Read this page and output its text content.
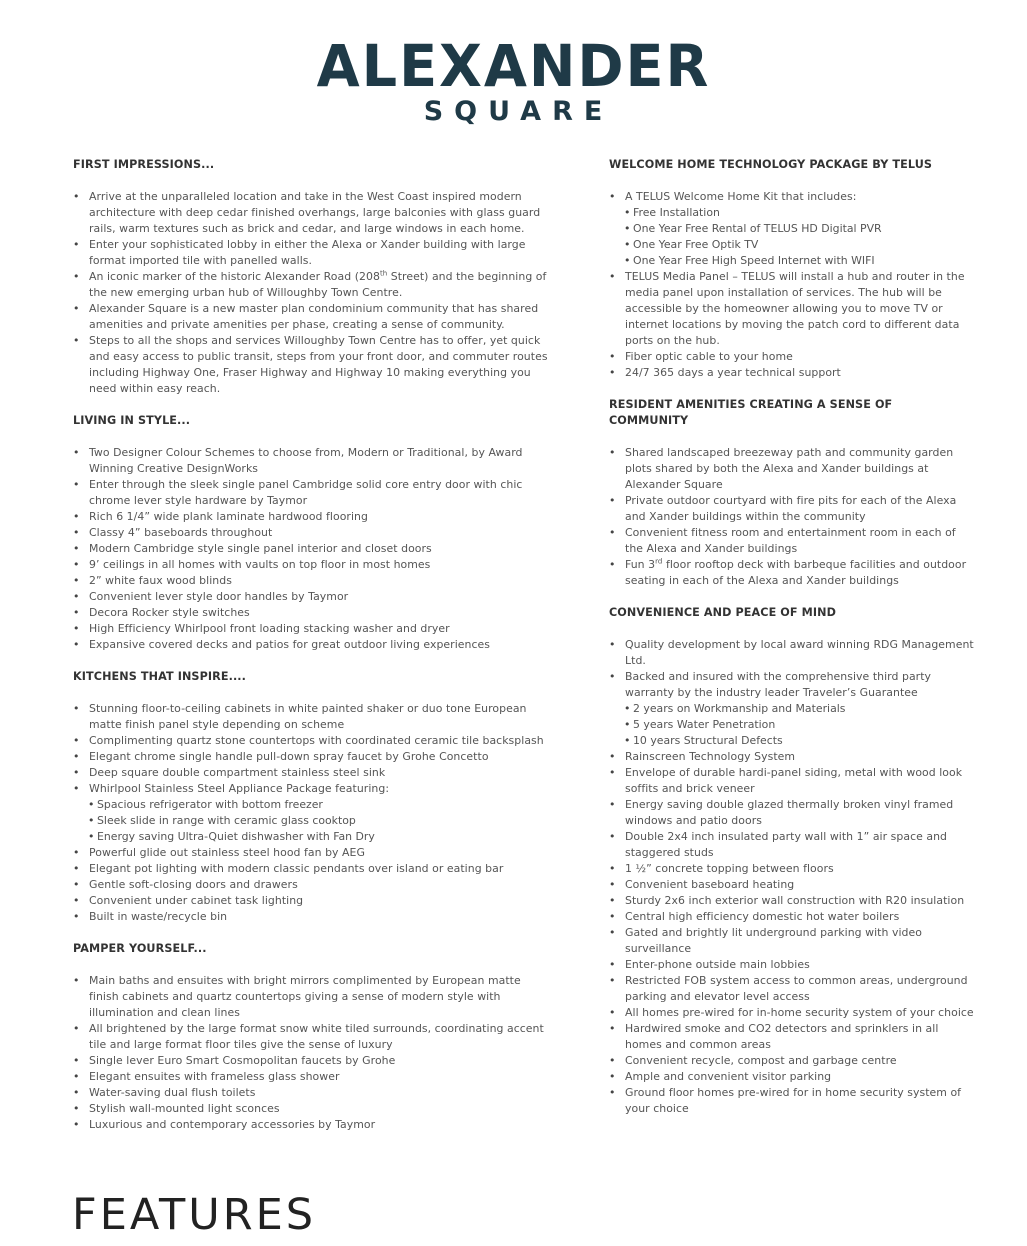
ALEXANDER
SQUARE
FIRST IMPRESSIONS...
• Arrive at the unparalleled location and take in the West Coast inspired modern architecture with deep cedar finished overhangs, large balconies with glass guard rails, warm textures such as brick and cedar, and large windows in each home.
• Enter your sophisticated lobby in either the Alexa or Xander building with large format imported tile with panelled walls.
• An iconic marker of the historic Alexander Road (208th Street) and the beginning of the new emerging urban hub of Willoughby Town Centre.
• Alexander Square is a new master plan condominium community that has shared amenities and private amenities per phase, creating a sense of community.
• Steps to all the shops and services Willoughby Town Centre has to offer, yet quick and easy access to public transit, steps from your front door, and commuter routes including Highway One, Fraser Highway and Highway 10 making everything you need within easy reach.
LIVING IN STYLE...
• Two Designer Colour Schemes to choose from, Modern or Traditional, by Award Winning Creative DesignWorks
• Enter through the sleek single panel Cambridge solid core entry door with chic chrome lever style hardware by Taymor
• Rich 6 1/4” wide plank laminate hardwood flooring
• Classy 4” baseboards throughout
• Modern Cambridge style single panel interior and closet doors
• 9’ ceilings in all homes with vaults on top floor in most homes
• 2” white faux wood blinds
• Convenient lever style door handles by Taymor
• Decora Rocker style switches
• High Efficiency Whirlpool front loading stacking washer and dryer
• Expansive covered decks and patios for great outdoor living experiences
KITCHENS THAT INSPIRE....
• Stunning floor-to-ceiling cabinets in white painted shaker or duo tone European matte finish panel style depending on scheme
• Complimenting quartz stone countertops with coordinated ceramic tile backsplash
• Elegant chrome single handle pull-down spray faucet by Grohe Concetto
• Deep square double compartment stainless steel sink
• Whirlpool Stainless Steel Appliance Package featuring:
• Spacious refrigerator with bottom freezer
• Sleek slide in range with ceramic glass cooktop
• Energy saving Ultra-Quiet dishwasher with Fan Dry
• Powerful glide out stainless steel hood fan by AEG
• Elegant pot lighting with modern classic pendants over island or eating bar
• Gentle soft-closing doors and drawers
• Convenient under cabinet task lighting
• Built in waste/recycle bin
PAMPER YOURSELF...
• Main baths and ensuites with bright mirrors complimented by European matte finish cabinets and quartz countertops giving a sense of modern style with illumination and clean lines
• All brightened by the large format snow white tiled surrounds, coordinating accent tile and large format floor tiles give the sense of luxury
• Single lever Euro Smart Cosmopolitan faucets by Grohe
• Elegant ensuites with frameless glass shower
• Water-saving dual flush toilets
• Stylish wall-mounted light sconces
• Luxurious and contemporary accessories by Taymor
WELCOME HOME TECHNOLOGY PACKAGE BY TELUS
• A TELUS Welcome Home Kit that includes:
• Free Installation
• One Year Free Rental of TELUS HD Digital PVR
• One Year Free Optik TV
• One Year Free High Speed Internet with WIFI
• TELUS Media Panel – TELUS will install a hub and router in the media panel upon installation of services. The hub will be accessible by the homeowner allowing you to move TV or internet locations by moving the patch cord to different data ports on the hub.
• Fiber optic cable to your home
• 24/7 365 days a year technical support
RESIDENT AMENITIES CREATING A SENSE OF COMMUNITY
• Shared landscaped breezeway path and community garden plots shared by both the Alexa and Xander buildings at Alexander Square
• Private outdoor courtyard with fire pits for each of the Alexa and Xander buildings within the community
• Convenient fitness room and entertainment room in each of the Alexa and Xander buildings
• Fun 3rd floor rooftop deck with barbeque facilities and outdoor seating in each of the Alexa and Xander buildings
CONVENIENCE AND PEACE OF MIND
• Quality development by local award winning RDG Management Ltd.
• Backed and insured with the comprehensive third party warranty by the industry leader Traveler’s Guarantee
• 2 years on Workmanship and Materials
• 5 years Water Penetration
• 10 years Structural Defects
• Rainscreen Technology System
• Envelope of durable hardi-panel siding, metal with wood look soffits and brick veneer
• Energy saving double glazed thermally broken vinyl framed windows and patio doors
• Double 2x4 inch insulated party wall with 1” air space and staggered studs
• 1 ½” concrete topping between floors
• Convenient baseboard heating
• Sturdy 2x6 inch exterior wall construction with R20 insulation
• Central high efficiency domestic hot water boilers
• Gated and brightly lit underground parking with video surveillance
• Enter-phone outside main lobbies
• Restricted FOB system access to common areas, underground parking and elevator level access
• All homes pre-wired for in-home security system of your choice
• Hardwired smoke and CO2 detectors and sprinklers in all homes and common areas
• Convenient recycle, compost and garbage centre
• Ample and convenient visitor parking
• Ground floor homes pre-wired for in home security system of your choice
FEATURES
